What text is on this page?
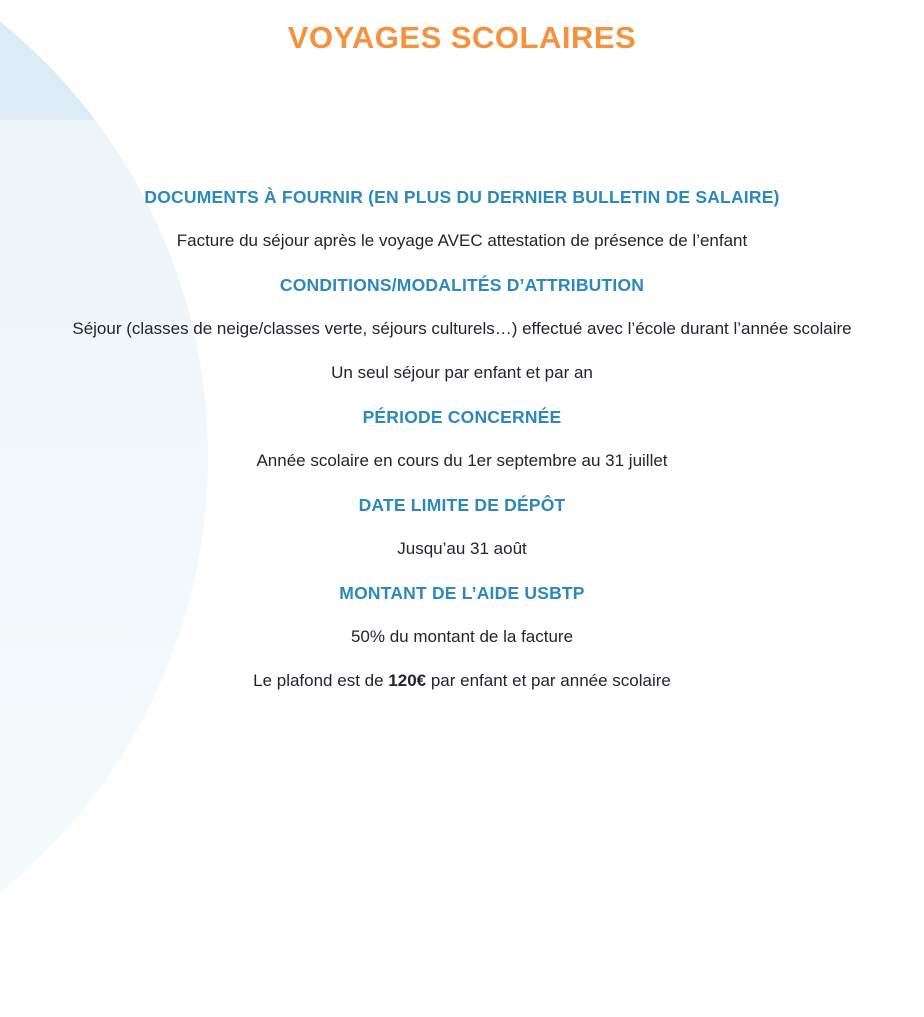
VOYAGES SCOLAIRES
DOCUMENTS À FOURNIR (EN PLUS DU DERNIER BULLETIN DE SALAIRE)

Facture du séjour après le voyage AVEC attestation de présence de l’enfant

CONDITIONS/MODALITÉS D’ATTRIBUTION

Séjour (classes de neige/classes verte, séjours culturels…) effectué avec l’école durant l’année scolaire

Un seul séjour par enfant et par an

PÉRIODE CONCERNÉE

Année scolaire en cours du 1er septembre au 31 juillet

DATE LIMITE DE DÉPÔT

Jusqu’au 31 août

MONTANT DE L’AIDE USBTP

50% du montant de la facture

Le plafond est de 120€ par enfant et par année scolaire
